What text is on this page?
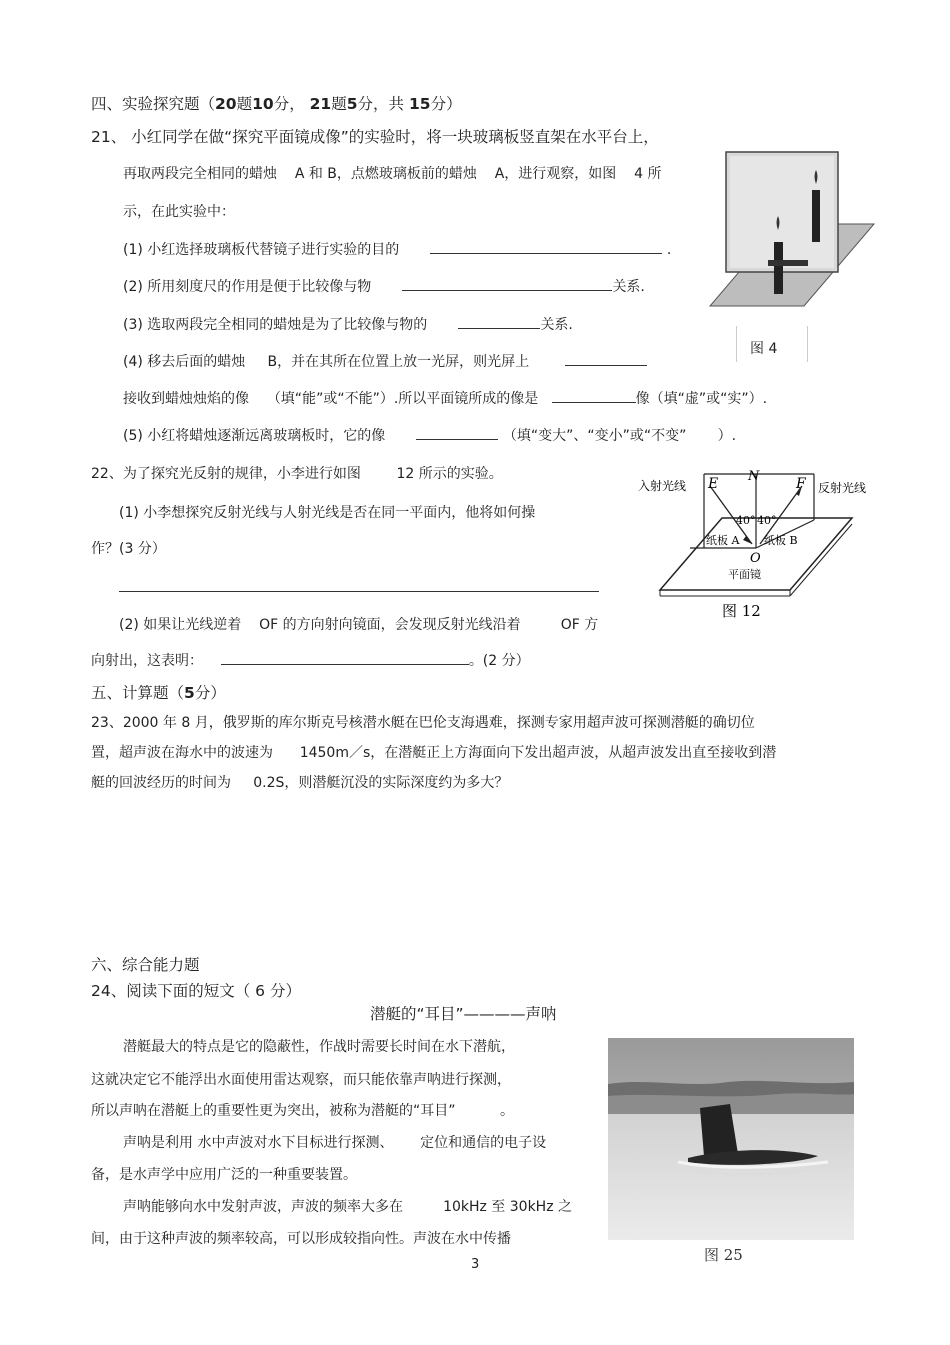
四、实验探究题（20题10分， 21题5分，共 15分）
21、 小红同学在做“探究平面镜成像”的实验时，将一块玻璃板竖直架在水平台上，
再取两段完全相同的蜡烛 A 和 B，点燃玻璃板前的蜡烛 A，进行观察，如图 4 所
示，在此实验中：
(1) 小红选择玻璃板代替镜子进行实验的目的	.
(2) 所用刻度尺的作用是便于比较像与物	关系.
(3) 选取两段完全相同的蜡烛是为了比较像与物的	关系.
(4) 移去后面的蜡烛 B，并在其所在位置上放一光屏，则光屏上
接收到蜡烛烛焰的像 （填“能”或“不能”）.所以平面镜所成的像是	像（填“虚”或“实”）.
(5) 小红将蜡烛逐渐远离玻璃板时，它的像	（填“变大”、“变小”或“不变” ）.
图 4
22、为了探究光反射的规律，小李进行如图	12 所示的实验。
(1) 小李想探究反射光线与人射光线是否在同一平面内，他将如何操
作？(3 分）
(2) 如果让光线逆着 OF 的方向射向镜面，会发现反射光线沿着	OF 方
向射出，这表明：	。(2 分）
入射光线	反射光线
E N	F
40° 40°
纸板 A 纸板 B
O
平面镜
图 12
五、计算题（5分）
23、2000 年 8 月，俄罗斯的库尔斯克号核潜水艇在巴伦支海遇难，探测专家用超声波可探测潜艇的确切位
置，超声波在海水中的波速为 1450m／s，在潜艇正上方海面向下发出超声波，从超声波发出直至接收到潜
艇的回波经历的时间为 0.2S，则潜艇沉没的实际深度约为多大？
六、综合能力题
24、阅读下面的短文（ 6 分）
潜艇的“耳目”————声呐
潜艇最大的特点是它的隐蔽性，作战时需要长时间在水下潜航，
这就决定它不能浮出水面使用雷达观察，而只能依靠声呐进行探测，
所以声呐在潜艇上的重要性更为突出，被称为潜艇的“耳目”	。
声呐是利用 水中声波对水下目标进行探测、 定位和通信的电子设
备，是水声学中应用广泛的一种重要装置。
声呐能够向水中发射声波，声波的频率大多在	10kHz 至 30kHz 之
间，由于这种声波的频率较高，可以形成较指向性。声波在水中传播
图 25
3
